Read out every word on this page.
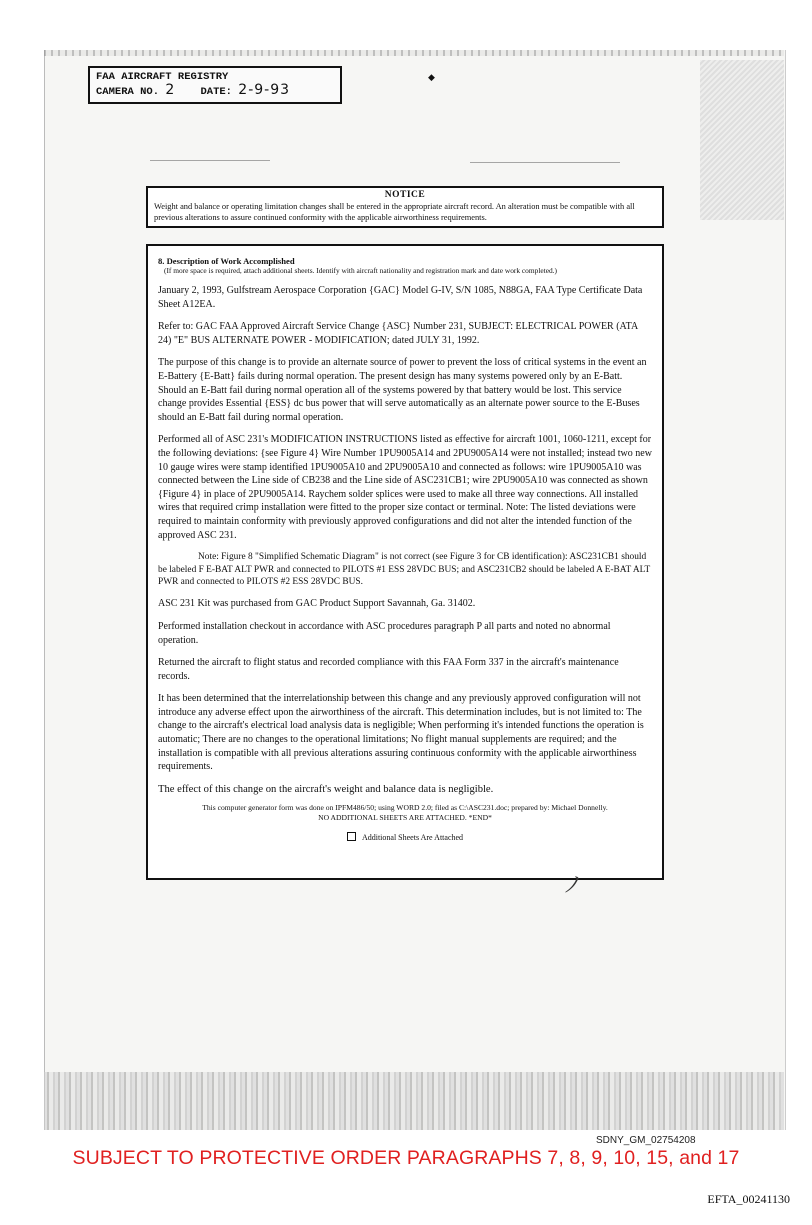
FAA AIRCRAFT REGISTRY
CAMERA NO. 2 DATE: 2-9-93
◆
NOTICE
Weight and balance or operating limitation changes shall be entered in the appropriate aircraft record. An alteration must be compatible with all previous alterations to assure continued conformity with the applicable airworthiness requirements.
8. Description of Work Accomplished
(If more space is required, attach additional sheets. Identify with aircraft nationality and registration mark and date work completed.)

January 2, 1993, Gulfstream Aerospace Corporation {GAC} Model G-IV, S/N 1085, N88GA, FAA Type Certificate Data Sheet A12EA.

Refer to: GAC FAA Approved Aircraft Service Change {ASC} Number 231, SUBJECT: ELECTRICAL POWER (ATA 24) "E" BUS ALTERNATE POWER - MODIFICATION; dated JULY 31, 1992.

The purpose of this change is to provide an alternate source of power to prevent the loss of critical systems in the event an E-Battery {E-Batt} fails during normal operation. The present design has many systems powered only by an E-Batt. Should an E-Batt fail during normal operation all of the systems powered by that battery would be lost. This service change provides Essential {ESS} dc bus power that will serve automatically as an alternate power source to the E-Buses should an E-Batt fail during normal operation.

Performed all of ASC 231's MODIFICATION INSTRUCTIONS listed as effective for aircraft 1001, 1060-1211, except for the following deviations: {see Figure 4} Wire Number 1PU9005A14 and 2PU9005A14 were not installed; instead two new 10 gauge wires were stamp identified 1PU9005A10 and 2PU9005A10 and connected as follows: wire 1PU9005A10 was connected between the Line side of CB238 and the Line side of ASC231CB1; wire 2PU9005A10 was connected as shown {Figure 4} in place of 2PU9005A14. Raychem solder splices were used to make all three way connections. All installed wires that required crimp installation were fitted to the proper size contact or terminal. Note: The listed deviations were required to maintain conformity with previously approved configurations and did not alter the intended function of the approved ASC 231.

Note: Figure 8 "Simplified Schematic Diagram" is not correct (see Figure 3 for CB identification): ASC231CB1 should be labeled F E-BAT ALT PWR and connected to PILOTS #1 ESS 28VDC BUS; and ASC231CB2 should be labeled A E-BAT ALT PWR and connected to PILOTS #2 ESS 28VDC BUS.

ASC 231 Kit was purchased from GAC Product Support Savannah, Ga. 31402.

Performed installation checkout in accordance with ASC procedures paragraph P all parts and noted no abnormal operation.

Returned the aircraft to flight status and recorded compliance with this FAA Form 337 in the aircraft's maintenance records.

It has been determined that the interrelationship between this change and any previously approved configuration will not introduce any adverse effect upon the airworthiness of the aircraft. This determination includes, but is not limited to: The change to the aircraft's electrical load analysis data is negligible; When performing it's intended functions the operation is automatic; There are no changes to the operational limitations; No flight manual supplements are required; and the installation is compatible with all previous alterations assuring continuous conformity with the applicable airworthiness requirements.

The effect of this change on the aircraft's weight and balance data is negligible.

This computer generator form was done on IPFM486/50; using WORD 2.0; filed as C:\ASC231.doc; prepared by: Michael Donnelly.

NO ADDITIONAL SHEETS ARE ATTACHED. *END*

Additional Sheets Are Attached
ノ
SDNY_GM_02754208
SUBJECT TO PROTECTIVE ORDER PARAGRAPHS 7, 8, 9, 10, 15, and 17
EFTA_00241130
